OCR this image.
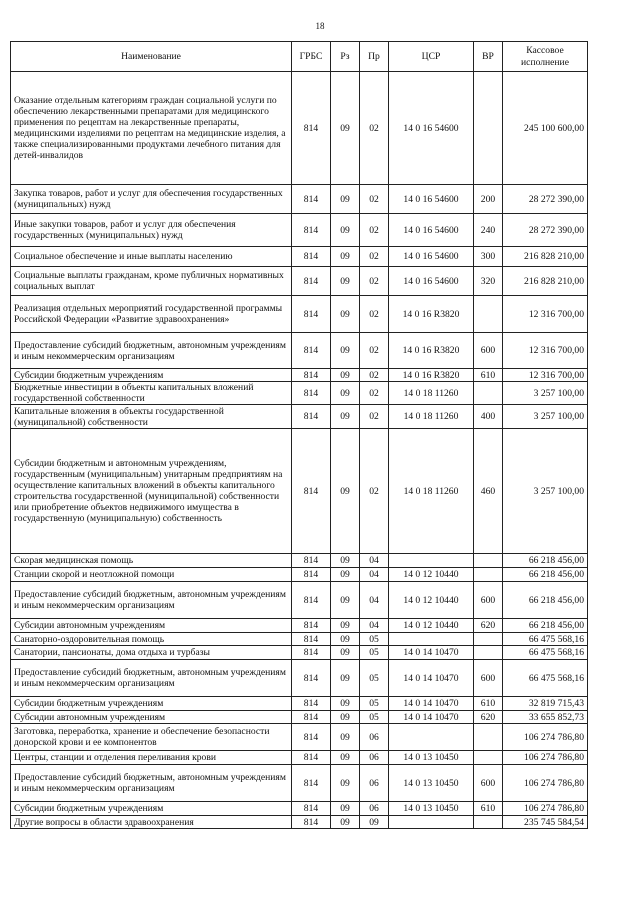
18
Наименование	ГРБС	Рз	Пр	ЦСР	ВР	Кассовое исполнение

Оказание отдельным категориям граждан социальной услуги по обеспечению лекарственными препаратами для медицинского применения по рецептам на лекарственные препараты, медицинскими изделиями по рецептам на медицинские изделия, а также специализированными продуктами лечебного питания для детей-инвалидов	814	09	02	14 0 16 54600		245 100 600,00
Закупка товаров, работ и услуг для обеспечения государственных (муниципальных) нужд	814	09	02	14 0 16 54600	200	28 272 390,00
Иные закупки товаров, работ и услуг для обеспечения государственных (муниципальных) нужд	814	09	02	14 0 16 54600	240	28 272 390,00
Социальное обеспечение и иные выплаты населению	814	09	02	14 0 16 54600	300	216 828 210,00
Социальные выплаты гражданам, кроме публичных нормативных социальных выплат	814	09	02	14 0 16 54600	320	216 828 210,00
Реализация отдельных мероприятий государственной программы Российской Федерации «Развитие здравоохранения»	814	09	02	14 0 16 R3820		12 316 700,00
Предоставление субсидий бюджетным, автономным учреждениям и иным некоммерческим организациям	814	09	02	14 0 16 R3820	600	12 316 700,00
Субсидии бюджетным учреждениям	814	09	02	14 0 16 R3820	610	12 316 700,00
Бюджетные инвестиции в объекты капитальных вложений государственной собственности	814	09	02	14 0 18 11260		3 257 100,00
Капитальные вложения в объекты государственной (муниципальной) собственности	814	09	02	14 0 18 11260	400	3 257 100,00
Субсидии бюджетным и автономным учреждениям, государственным (муниципальным) унитарным предприятиям на осуществление капитальных вложений в объекты капитального строительства государственной (муниципальной) собственности или приобретение объектов недвижимого имущества в государственную (муниципальную) собственность	814	09	02	14 0 18 11260	460	3 257 100,00
Скорая медицинская помощь	814	09	04			66 218 456,00
Станции скорой и неотложной помощи	814	09	04	14 0 12 10440		66 218 456,00
Предоставление субсидий бюджетным, автономным учреждениям и иным некоммерческим организациям	814	09	04	14 0 12 10440	600	66 218 456,00
Субсидии автономным учреждениям	814	09	04	14 0 12 10440	620	66 218 456,00
Санаторно-оздоровительная помощь	814	09	05			66 475 568,16
Санатории, пансионаты, дома отдыха и турбазы	814	09	05	14 0 14 10470		66 475 568,16
Предоставление субсидий бюджетным, автономным учреждениям и иным некоммерческим организациям	814	09	05	14 0 14 10470	600	66 475 568,16
Субсидии бюджетным учреждениям	814	09	05	14 0 14 10470	610	32 819 715,43
Субсидии автономным учреждениям	814	09	05	14 0 14 10470	620	33 655 852,73
Заготовка, переработка, хранение и обеспечение безопасности донорской крови и ее компонентов	814	09	06			106 274 786,80
Центры, станции и отделения переливания крови	814	09	06	14 0 13 10450		106 274 786,80
Предоставление субсидий бюджетным, автономным учреждениям и иным некоммерческим организациям	814	09	06	14 0 13 10450	600	106 274 786,80
Субсидии бюджетным учреждениям	814	09	06	14 0 13 10450	610	106 274 786,80
Другие вопросы в области здравоохранения	814	09	09			235 745 584,54
